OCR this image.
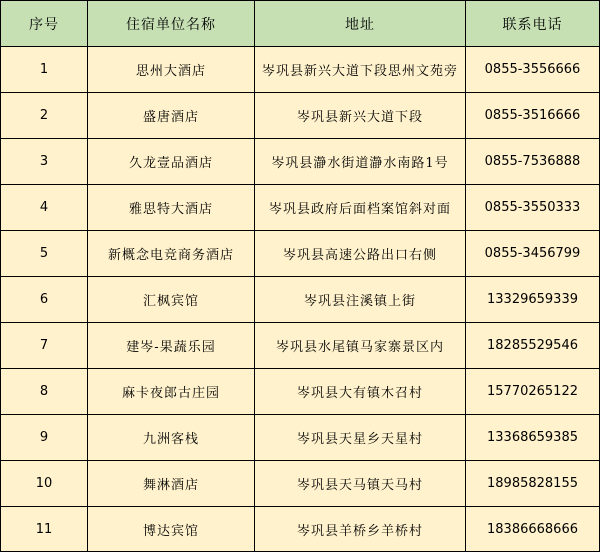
序号	住宿单位名称	地址	联系电话
1	思州大酒店	岑巩县新兴大道下段思州文苑旁	0855-3556666
2	盛唐酒店	岑巩县新兴大道下段	0855-3516666
3	久龙壹品酒店	岑巩县瀞水街道瀞水南路1号	0855-7536888
4	雅思特大酒店	岑巩县政府后面档案馆斜对面	0855-3550333
5	新概念电竞商务酒店	岑巩县高速公路出口右侧	0855-3456799
6	汇枫宾馆	岑巩县注溪镇上街	13329659339
7	建岑-果蔬乐园	岑巩县水尾镇马家寨景区内	18285529546
8	麻卡夜郎古庄园	岑巩县大有镇木召村	15770265122
9	九洲客栈	岑巩县天星乡天星村	13368659385
10	舞淋酒店	岑巩县天马镇天马村	18985828155
11	博达宾馆	岑巩县羊桥乡羊桥村	18386668666
